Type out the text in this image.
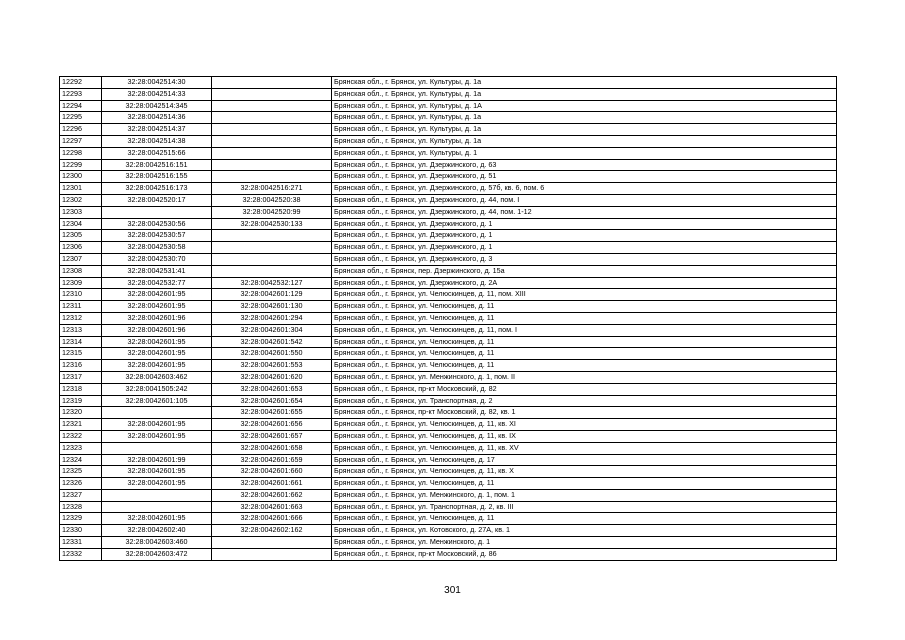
12292	32:28:0042514:30		Брянская обл., г. Брянск, ул. Культуры, д. 1а
12293	32:28:0042514:33		Брянская обл., г. Брянск, ул. Культуры, д. 1а
12294	32:28:0042514:345		Брянская обл., г. Брянск, ул. Культуры, д. 1А
12295	32:28:0042514:36		Брянская обл., г. Брянск, ул. Культуры, д. 1а
12296	32:28:0042514:37		Брянская обл., г. Брянск, ул. Культуры, д. 1а
12297	32:28:0042514:38		Брянская обл., г. Брянск, ул. Культуры, д. 1а
12298	32:28:0042515:66		Брянская обл., г. Брянск, ул. Культуры, д. 1
12299	32:28:0042516:151		Брянская обл., г. Брянск, ул. Дзержинского, д. 63
12300	32:28:0042516:155		Брянская обл., г. Брянск, ул. Дзержинского, д. 51
12301	32:28:0042516:173	32:28:0042516:271	Брянская обл., г. Брянск, ул. Дзержинского, д. 57б, кв. 6, пом. 6
12302	32:28:0042520:17	32:28:0042520:38	Брянская обл., г. Брянск, ул. Дзержинского, д. 44, пом. I
12303		32:28:0042520:99	Брянская обл., г. Брянск, ул. Дзержинского, д. 44, пом. 1-12
12304	32:28:0042530:56	32:28:0042530:133	Брянская обл., г. Брянск, ул. Дзержинского, д. 1
12305	32:28:0042530:57		Брянская обл., г. Брянск, ул. Дзержинского, д. 1
12306	32:28:0042530:58		Брянская обл., г. Брянск, ул. Дзержинского, д. 1
12307	32:28:0042530:70		Брянская обл., г. Брянск, ул. Дзержинского, д. 3
12308	32:28:0042531:41		Брянская обл., г. Брянск, пер. Дзержинского, д. 15а
12309	32:28:0042532:77	32:28:0042532:127	Брянская обл., г. Брянск, ул. Дзержинского, д. 2А
12310	32:28:0042601:95	32:28:0042601:129	Брянская обл., г. Брянск, ул. Челюскинцев, д. 11, пом. XIII
12311	32:28:0042601:95	32:28:0042601:130	Брянская обл., г. Брянск, ул. Челюскинцев, д. 11
12312	32:28:0042601:96	32:28:0042601:294	Брянская обл., г. Брянск, ул. Челюскинцев, д. 11
12313	32:28:0042601:96	32:28:0042601:304	Брянская обл., г. Брянск, ул. Челюскинцев, д. 11, пом. I
12314	32:28:0042601:95	32:28:0042601:542	Брянская обл., г. Брянск, ул. Челюскинцев, д. 11
12315	32:28:0042601:95	32:28:0042601:550	Брянская обл., г. Брянск, ул. Челюскинцев, д. 11
12316	32:28:0042601:95	32:28:0042601:553	Брянская обл., г. Брянск, ул. Челюскинцев, д. 11
12317	32:28:0042603:462	32:28:0042601:620	Брянская обл., г. Брянск, ул. Менжинского, д. 1, пом. II
12318	32:28:0041505:242	32:28:0042601:653	Брянская обл., г. Брянск, пр-кт Московский, д. 82
12319	32:28:0042601:105	32:28:0042601:654	Брянская обл., г. Брянск, ул. Транспортная, д. 2
12320		32:28:0042601:655	Брянская обл., г. Брянск, пр-кт Московский, д. 82, кв. 1
12321	32:28:0042601:95	32:28:0042601:656	Брянская обл., г. Брянск, ул. Челюскинцев, д. 11, кв. XI
12322	32:28:0042601:95	32:28:0042601:657	Брянская обл., г. Брянск, ул. Челюскинцев, д. 11, кв. IX
12323		32:28:0042601:658	Брянская обл., г. Брянск, ул. Челюскинцев, д. 11, кв. XV
12324	32:28:0042601:99	32:28:0042601:659	Брянская обл., г. Брянск, ул. Челюскинцев, д. 17
12325	32:28:0042601:95	32:28:0042601:660	Брянская обл., г. Брянск, ул. Челюскинцев, д. 11, кв. X
12326	32:28:0042601:95	32:28:0042601:661	Брянская обл., г. Брянск, ул. Челюскинцев, д. 11
12327		32:28:0042601:662	Брянская обл., г. Брянск, ул. Менжинского, д. 1, пом. 1
12328		32:28:0042601:663	Брянская обл., г. Брянск, ул. Транспортная, д. 2, кв. III
12329	32:28:0042601:95	32:28:0042601:666	Брянская обл., г. Брянск, ул. Челюскинцев, д. 11
12330	32:28:0042602:40	32:28:0042602:162	Брянская обл., г. Брянск, ул. Котовского, д. 27А, кв. 1
12331	32:28:0042603:460		Брянская обл., г. Брянск, ул. Менжинского, д. 1
12332	32:28:0042603:472		Брянская обл., г. Брянск, пр-кт Московский, д. 86
301
